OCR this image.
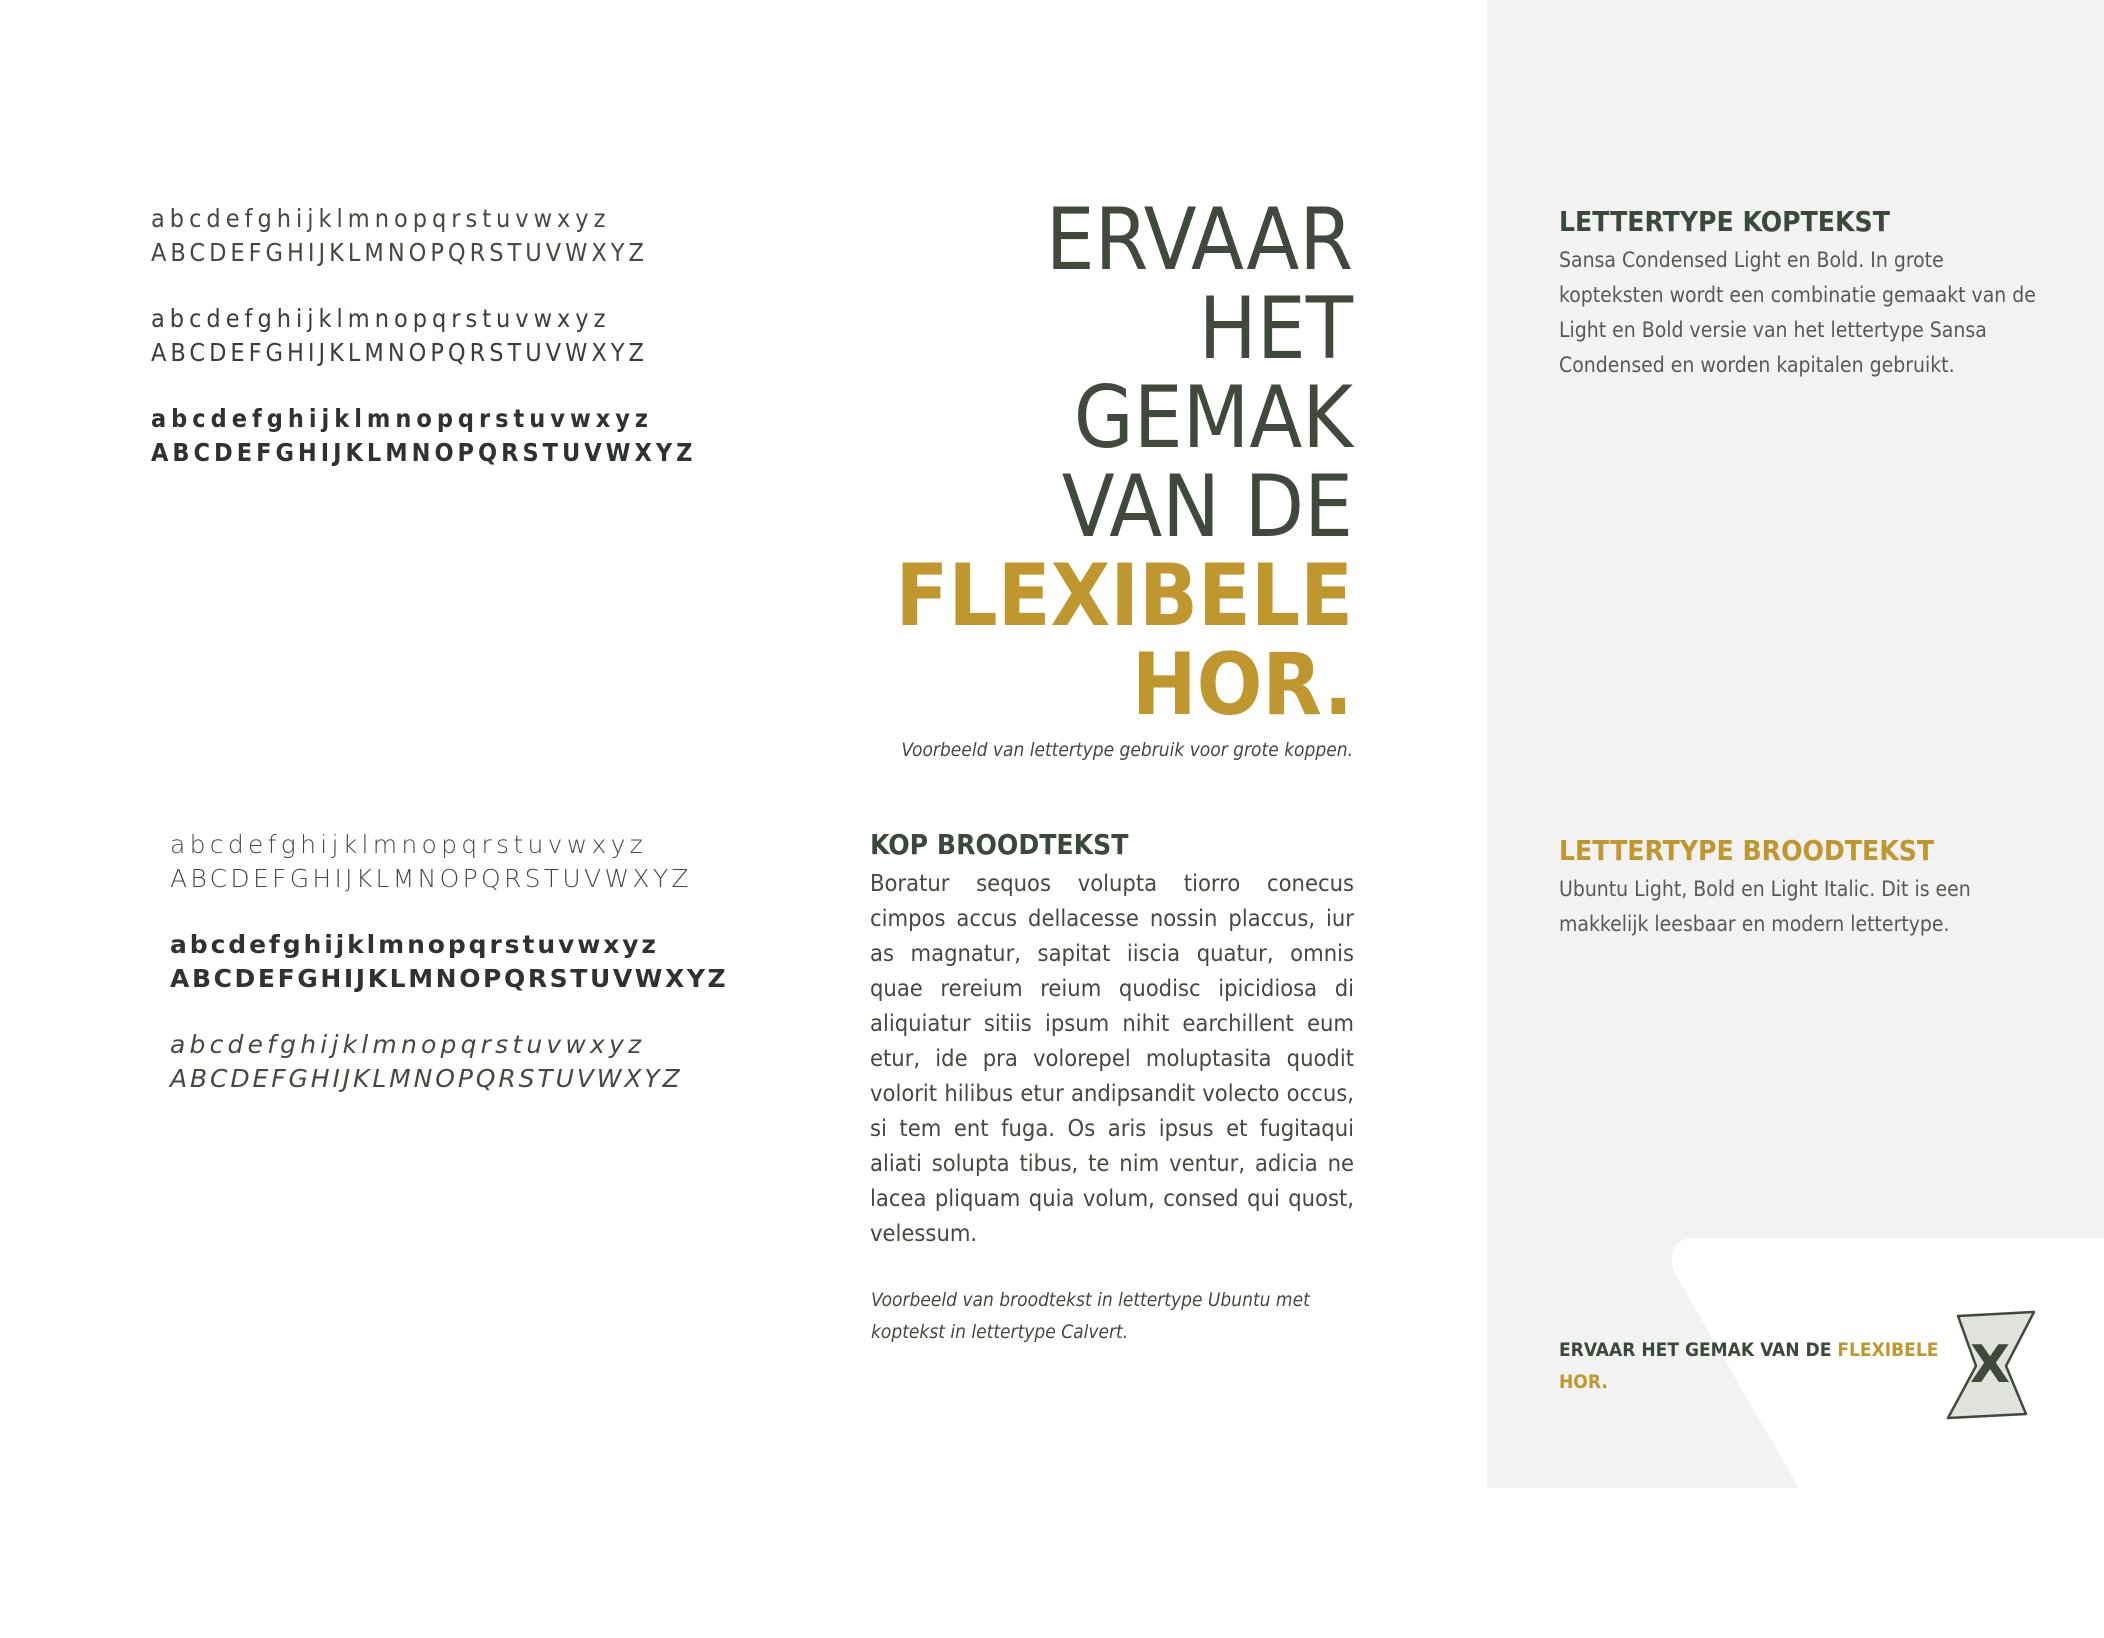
abcdefghijklmnopqrstuvwxyz
ABCDEFGHIJKLMNOPQRSTUVWXYZ
abcdefghijklmnopqrstuvwxyz
ABCDEFGHIJKLMNOPQRSTUVWXYZ
abcdefghijklmnopqrstuvwxyz
ABCDEFGHIJKLMNOPQRSTUVWXYZ
abcdefghijklmnopqrstuvwxyz
ABCDEFGHIJKLMNOPQRSTUVWXYZ
abcdefghijklmnopqrstuvwxyz
ABCDEFGHIJKLMNOPQRSTUVWXYZ
abcdefghijklmnopqrstuvwxyz
ABCDEFGHIJKLMNOPQRSTUVWXYZ
ERVAAR
HET
GEMAK
VAN DE
FLEXIBELE
HOR.
Voorbeeld van lettertype gebruik voor grote koppen.
KOP BROODTEKST
Boratur sequos volupta tiorro conecus cimpos accus dellacesse nossin placcus, iur as magnatur, sapitat iiscia quatur, omnis quae rereium reium quodisc ipicidiosa di aliquiatur sitiis ipsum nihit earchillent eum etur, ide pra volorepel moluptasita quodit volorit hilibus etur andipsandit volecto occus, si tem ent fuga. Os aris ipsus et fugitaqui aliati solupta tibus, te nim ventur, adicia ne lacea pliquam quia volum, consed qui quost, velessum.
Voorbeeld van broodtekst in lettertype Ubuntu met
koptekst in lettertype Calvert.
LETTERTYPE KOPTEKST
Sansa Condensed Light en Bold. In grote kopteksten wordt een combinatie gemaakt van de Light en Bold versie van het lettertype Sansa Condensed en worden kapitalen gebruikt.
LETTERTYPE BROODTEKST
Ubuntu Light, Bold en Light Italic. Dit is een makkelijk leesbaar en modern lettertype.
ERVAAR HET GEMAK VAN DE FLEXIBELE HOR.	X
